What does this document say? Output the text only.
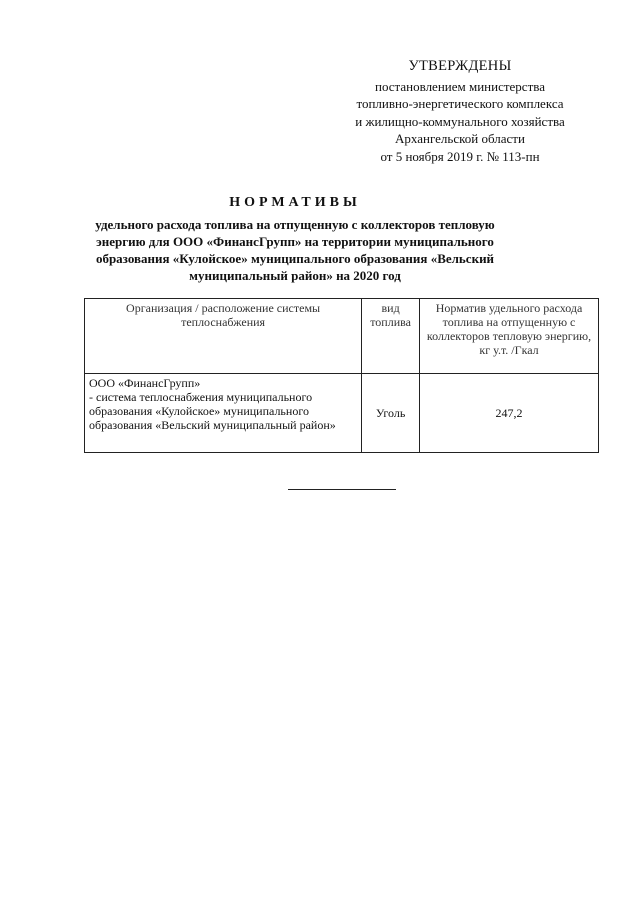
УТВЕРЖДЕНЫ
постановлением министерства
топливно-энергетического комплекса
и жилищно-коммунального хозяйства
Архангельской области
от 5 ноября 2019 г. № 113-пн
НОРМАТИВЫ
удельного расхода топлива на отпущенную с коллекторов тепловую
энергию для ООО «ФинансГрупп» на территории муниципального
образования «Кулойское» муниципального образования «Вельский
муниципальный район» на 2020 год
Организация / расположение системы теплоснабжения	вид топлива	Норматив удельного расхода топлива на отпущенную с коллекторов тепловую энергию, кг у.т. /Гкал

ООО «ФинансГрупп»
- система теплоснабжения муниципального образования «Кулойское» муниципального образования «Вельский муниципальный район»	Уголь	247,2
